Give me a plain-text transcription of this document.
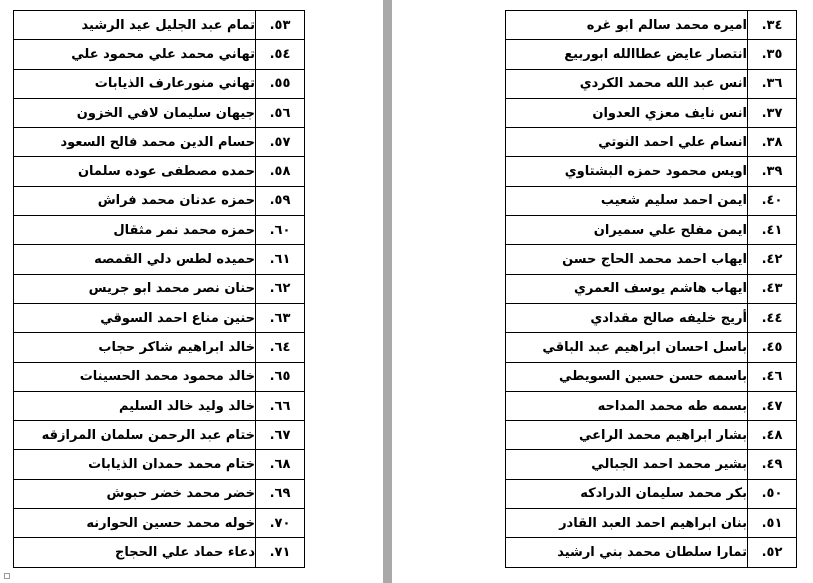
تمام عبد الجليل عيد الرشيد	٥٣.
تهاني محمد علي محمود علي	٥٤.
تهاني منورعارف الذيابات	٥٥.
جيهان سليمان لافي الخزون	٥٦.
حسام الدين محمد فالح السعود	٥٧.
حمده مصطفى عوده سلمان	٥٨.
حمزه عدنان محمد فراش	٥٩.
حمزه محمد نمر مثقال	٦٠.
حميده لطس دلي القمصه	٦١.
حنان نصر محمد ابو جريس	٦٢.
حنين مناع احمد السوقي	٦٣.
خالد ابراهيم شاكر حجاب	٦٤.
خالد محمود محمد الحسينات	٦٥.
خالد وليد خالد السليم	٦٦.
ختام عبد الرحمن سلمان المرازقه	٦٧.
ختام محمد حمدان الذيابات	٦٨.
خضر محمد خضر حبوش	٦٩.
خوله محمد حسين الحوارنه	٧٠.
دعاء حماد علي الحجاج	٧١.
اميره محمد سالم ابو غره	٣٤.
انتصار عايض عطاالله ابوربيع	٣٥.
انس عبد الله محمد الكردي	٣٦.
انس نايف معزي العدوان	٣٧.
انسام علي احمد النوتي	٣٨.
اويس محمود حمزه البشتاوي	٣٩.
ايمن احمد سليم شعيب	٤٠.
ايمن مفلح علي سميران	٤١.
ايهاب احمد محمد الحاج حسن	٤٢.
ايهاب هاشم يوسف العمري	٤٣.
أريج خليفه صالح مقدادي	٤٤.
باسل احسان ابراهيم عبد الباقي	٤٥.
باسمه حسن حسين السويطي	٤٦.
بسمه طه محمد المداحه	٤٧.
بشار ابراهيم محمد الراعي	٤٨.
بشير محمد احمد الجبالي	٤٩.
بكر محمد سليمان الدرادكه	٥٠.
بنان ابراهيم احمد العبد القادر	٥١.
تمارا سلطان محمد بني ارشيد	٥٢.
